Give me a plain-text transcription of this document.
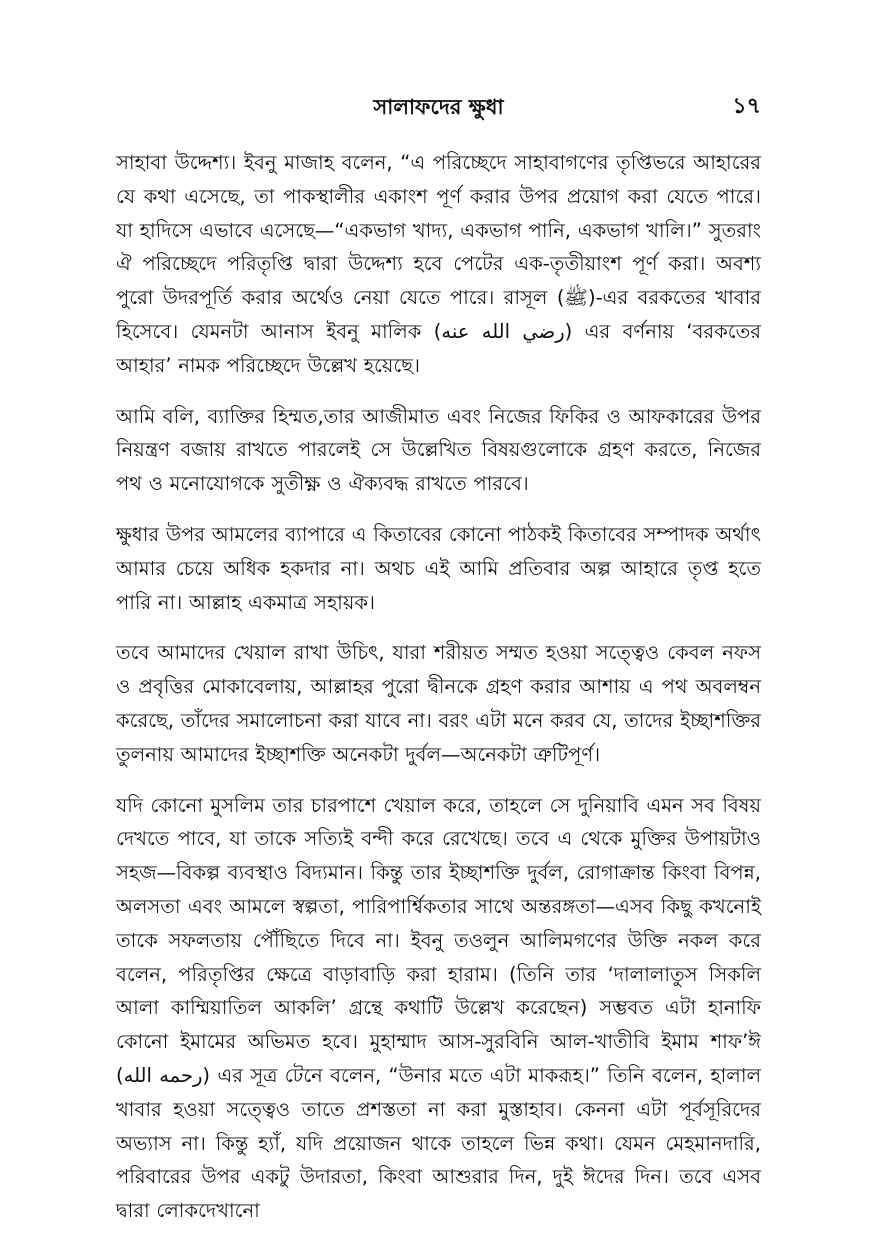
সালাফদের ক্ষুধা	১৭

সাহাবা উদ্দেশ্য। ইবনু মাজাহ বলেন, “এ পরিচ্ছেদে সাহাবাগণের তৃপ্তিভরে আহারের যে কথা এসেছে, তা পাকস্থালীর একাংশ পূর্ণ করার উপর প্রয়োগ করা যেতে পারে। যা হাদিসে এভাবে এসেছে—“একভাগ খাদ্য, একভাগ পানি, একভাগ খালি।” সুতরাং ঐ পরিচ্ছেদে পরিতৃপ্তি দ্বারা উদ্দেশ্য হবে পেটের এক-তৃতীয়াংশ পূর্ণ করা। অবশ্য পুরো উদরপূর্তি করার অর্থেও নেয়া যেতে পারে। রাসূল (ﷺ)-এর বরকতের খাবার হিসেবে। যেমনটা আনাস ইবনু মালিক (رضي الله عنه) এর বর্ণনায় ‘বরকতের আহার’ নামক পরিচ্ছেদে উল্লেখ হয়েছে।

আমি বলি, ব্যাক্তির হিম্মত,তার আজীমাত এবং নিজের ফিকির ও আফকারের উপর নিয়ন্ত্রণ বজায় রাখতে পারলেই সে উল্লেখিত বিষয়গুলোকে গ্রহণ করতে, নিজের পথ ও মনোযোগকে সুতীক্ষ্ণ ও ঐক্যবদ্ধ রাখতে পারবে।

ক্ষুধার উপর আমলের ব্যাপারে এ কিতাবের কোনো পাঠকই কিতাবের সম্পাদক অর্থাৎ আমার চেয়ে অধিক হকদার না। অথচ এই আমি প্রতিবার অল্প আহারে তৃপ্ত হতে পারি না। আল্লাহ একমাত্র সহায়ক।

তবে আমাদের খেয়াল রাখা উচিৎ, যারা শরীয়ত সম্মত হওয়া সত্ত্বেও কেবল নফস ও প্রবৃত্তির মোকাবেলায়, আল্লাহর পুরো দ্বীনকে গ্রহণ করার আশায় এ পথ অবলম্বন করেছে, তাঁদের সমালোচনা করা যাবে না। বরং এটা মনে করব যে, তাদের ইচ্ছাশক্তির তুলনায় আমাদের ইচ্ছাশক্তি অনেকটা দুর্বল—অনেকটা ত্রুটিপূর্ণ।

যদি কোনো মুসলিম তার চারপাশে খেয়াল করে, তাহলে সে দুনিয়াবি এমন সব বিষয় দেখতে পাবে, যা তাকে সত্যিই বন্দী করে রেখেছে। তবে এ থেকে মুক্তির উপায়টাও সহজ—বিকল্প ব্যবস্থাও বিদ্যমান। কিন্তু তার ইচ্ছাশক্তি দুর্বল, রোগাক্রান্ত কিংবা বিপন্ন, অলসতা এবং আমলে স্বল্পতা, পারিপার্শ্বিকতার সাথে অন্তরঙ্গতা—এসব কিছু কখনোই তাকে সফলতায় পৌঁছিতে দিবে না। ইবনু তওলুন আলিমগণের উক্তি নকল করে বলেন, পরিতৃপ্তির ক্ষেত্রে বাড়াবাড়ি করা হারাম। (তিনি তার ‘দালালাতুস সিকলি আলা কাম্মিয়াতিল আকলি’ গ্রন্থে কথাটি উল্লেখ করেছেন) সম্ভবত এটা হানাফি কোনো ইমামের অভিমত হবে। মুহাম্মাদ আস-সুরবিনি আল-খাতীবি ইমাম শাফ’ঈ (رحمه الله) এর সূত্র টেনে বলেন, “উনার মতে এটা মাকরূহ।” তিনি বলেন, হালাল খাবার হওয়া সত্ত্বেও তাতে প্রশস্ততা না করা মুস্তাহাব। কেননা এটা পূর্বসূরিদের অভ্যাস না। কিন্তু হ্যাঁ, যদি প্রয়োজন থাকে তাহলে ভিন্ন কথা। যেমন মেহমানদারি, পরিবারের উপর একটু উদারতা, কিংবা আশুরার দিন, দুই ঈদের দিন। তবে এসব দ্বারা লোকদেখানো
